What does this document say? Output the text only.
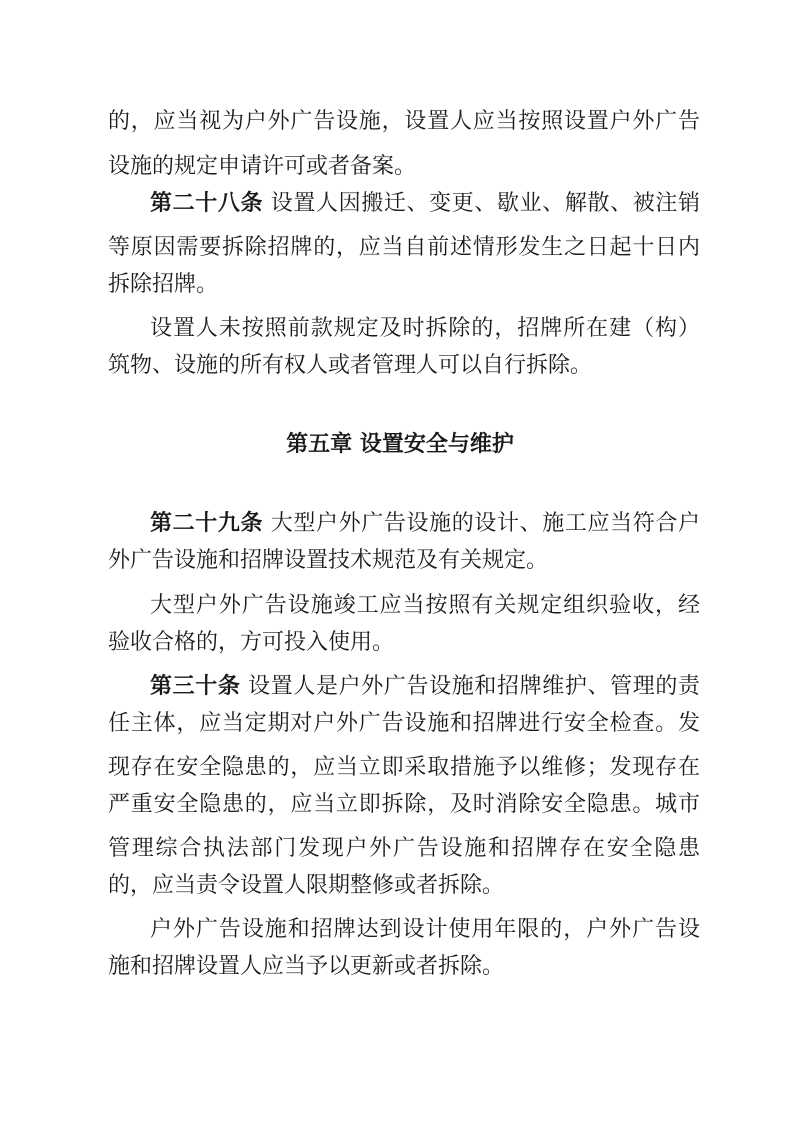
的，应当视为户外广告设施，设置人应当按照设置户外广告
设施的规定申请许可或者备案。
第二十八条 设置人因搬迁、变更、歇业、解散、被注销
等原因需要拆除招牌的，应当自前述情形发生之日起十日内
拆除招牌。
设置人未按照前款规定及时拆除的，招牌所在建（构）
筑物、设施的所有权人或者管理人可以自行拆除。
第五章 设置安全与维护
第二十九条 大型户外广告设施的设计、施工应当符合户
外广告设施和招牌设置技术规范及有关规定。
大型户外广告设施竣工应当按照有关规定组织验收，经
验收合格的，方可投入使用。
第三十条 设置人是户外广告设施和招牌维护、管理的责
任主体，应当定期对户外广告设施和招牌进行安全检查。发
现存在安全隐患的，应当立即采取措施予以维修；发现存在
严重安全隐患的，应当立即拆除，及时消除安全隐患。城市
管理综合执法部门发现户外广告设施和招牌存在安全隐患
的，应当责令设置人限期整修或者拆除。
户外广告设施和招牌达到设计使用年限的，户外广告设
施和招牌设置人应当予以更新或者拆除。
